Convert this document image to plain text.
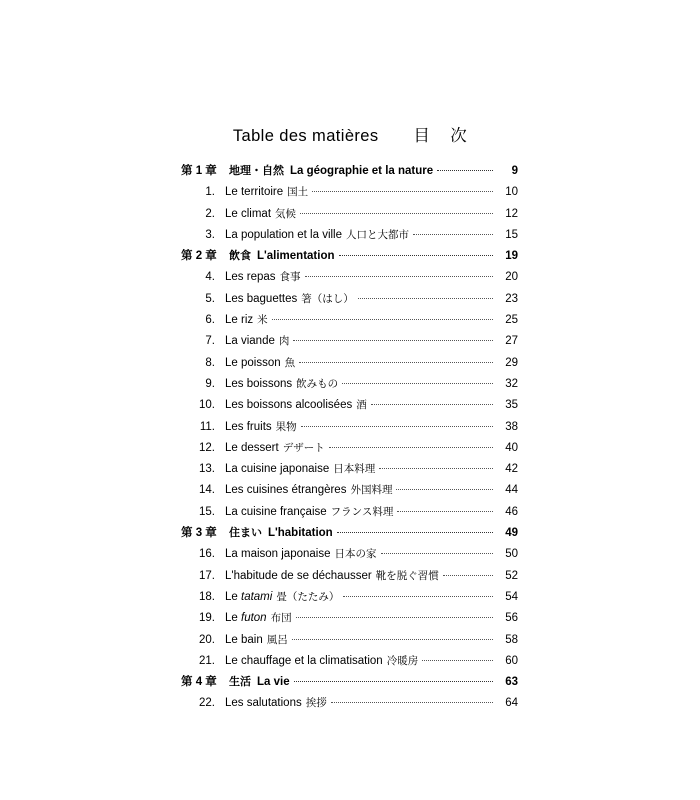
Table des matières       目    次
第 1 章	地理・自然 La géographie et la nature	9
1. Le territoire 国土	10
2. Le climat 気候	12
3. La population et la ville 人口と大都市	15
第 2 章	飲食 L'alimentation	19
4. Les repas 食事	20
5. Les baguettes 箸（はし）	23
6. Le riz 米	25
7. La viande 肉	27
8. Le poisson 魚	29
9. Les boissons 飲みもの	32
10. Les boissons alcoolisées 酒	35
11. Les fruits 果物	38
12. Le dessert デザート	40
13. La cuisine japonaise 日本料理	42
14. Les cuisines étrangères 外国料理	44
15. La cuisine française フランス料理	46
第 3 章	住まい L'habitation	49
16. La maison japonaise 日本の家	50
17. L'habitude de se déchausser 靴を脱ぐ習慣	52
18. Le tatami 畳（たたみ）	54
19. Le futon 布団	56
20. Le bain 風呂	58
21. Le chauffage et la climatisation 冷暖房	60
第 4 章	生活 La vie	63
22. Les salutations 挨拶	64
